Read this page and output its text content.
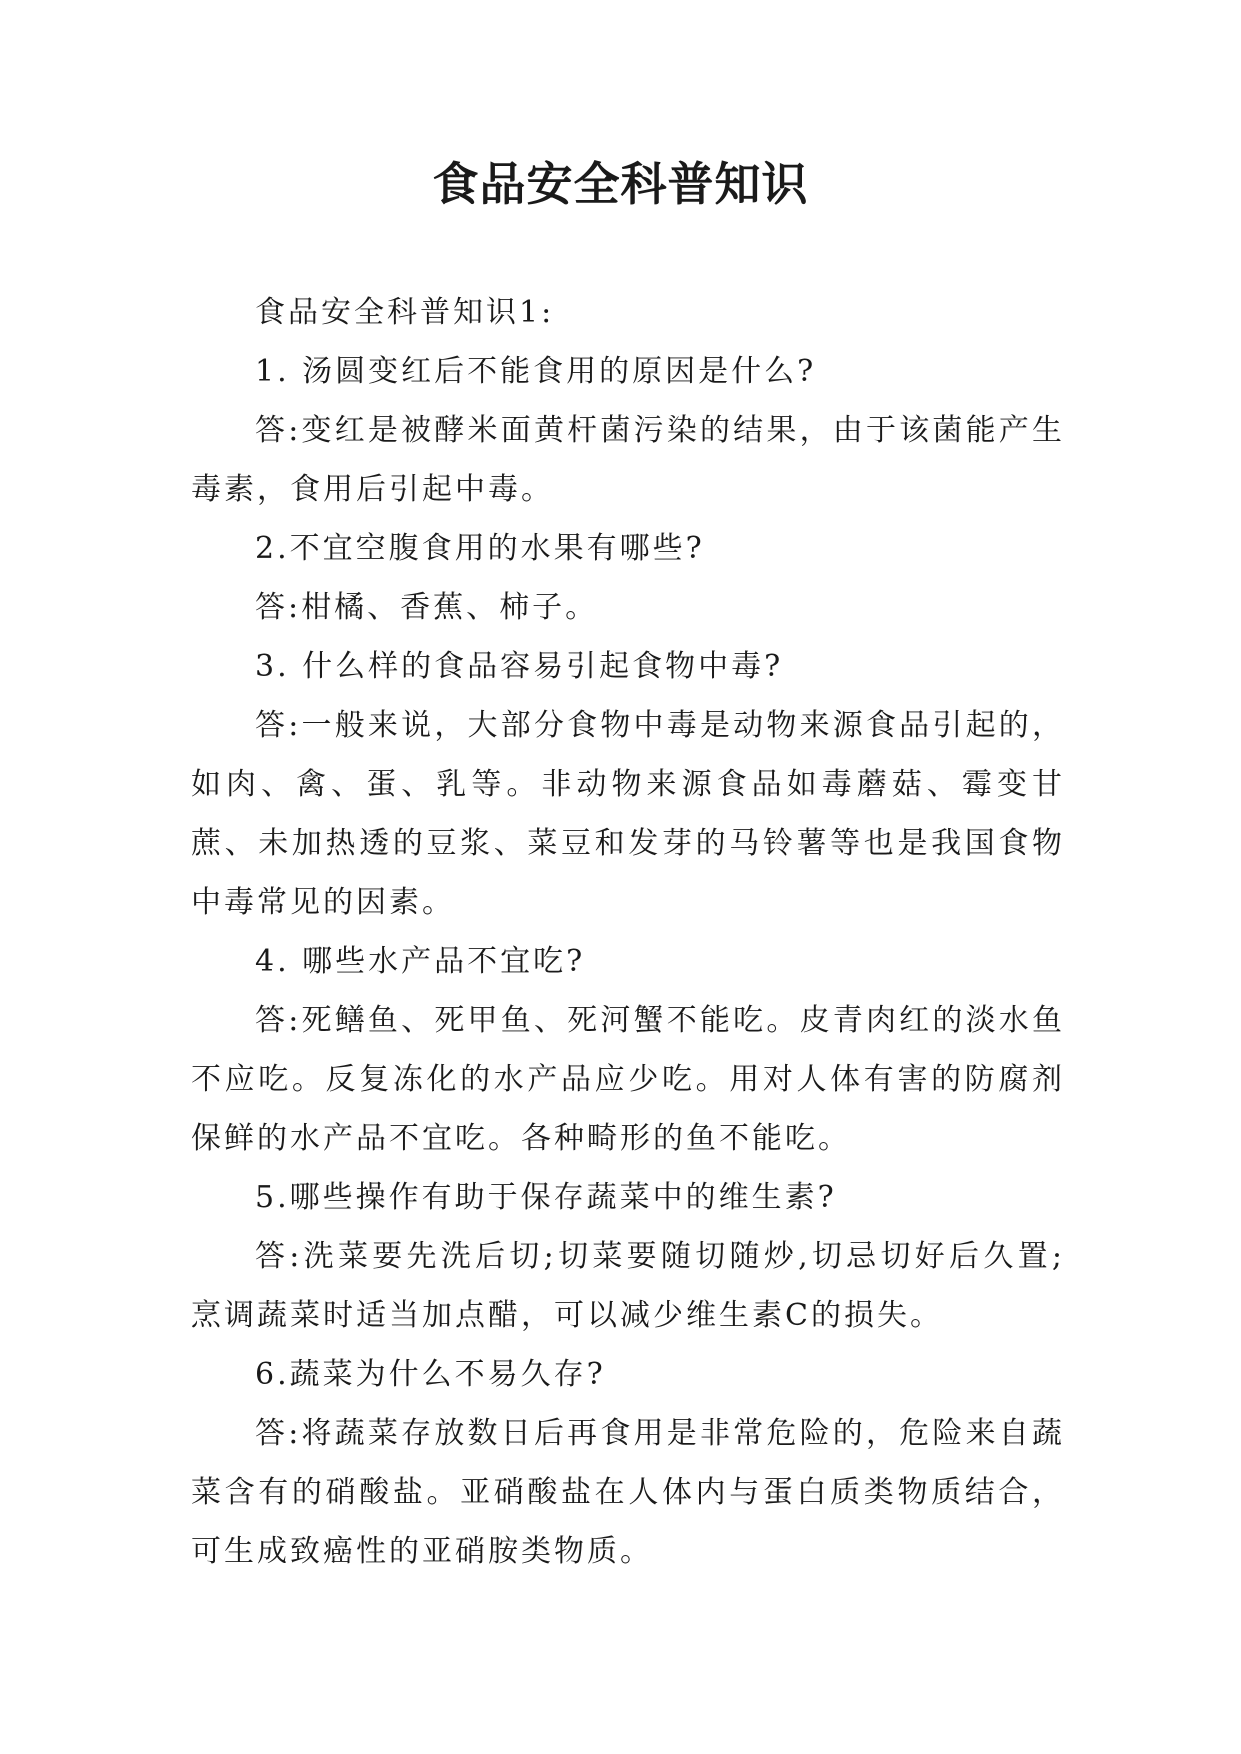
食品安全科普知识

食品安全科普知识1:

1. 汤圆变红后不能食用的原因是什么?

答:变红是被酵米面黄杆菌污染的结果，由于该菌能产生毒素，食用后引起中毒。

2.不宜空腹食用的水果有哪些?

答:柑橘、香蕉、柿子。

3. 什么样的食品容易引起食物中毒?

答:一般来说，大部分食物中毒是动物来源食品引起的，如肉、禽、蛋、乳等。非动物来源食品如毒蘑菇、霉变甘蔗、未加热透的豆浆、菜豆和发芽的马铃薯等也是我国食物中毒常见的因素。

4. 哪些水产品不宜吃?

答:死鳝鱼、死甲鱼、死河蟹不能吃。皮青肉红的淡水鱼不应吃。反复冻化的水产品应少吃。用对人体有害的防腐剂保鲜的水产品不宜吃。各种畸形的鱼不能吃。

5.哪些操作有助于保存蔬菜中的维生素?

答:洗菜要先洗后切;切菜要随切随炒,切忌切好后久置;烹调蔬菜时适当加点醋，可以减少维生素C的损失。

6.蔬菜为什么不易久存?

答:将蔬菜存放数日后再食用是非常危险的，危险来自蔬菜含有的硝酸盐。亚硝酸盐在人体内与蛋白质类物质结合，可生成致癌性的亚硝胺类物质。
